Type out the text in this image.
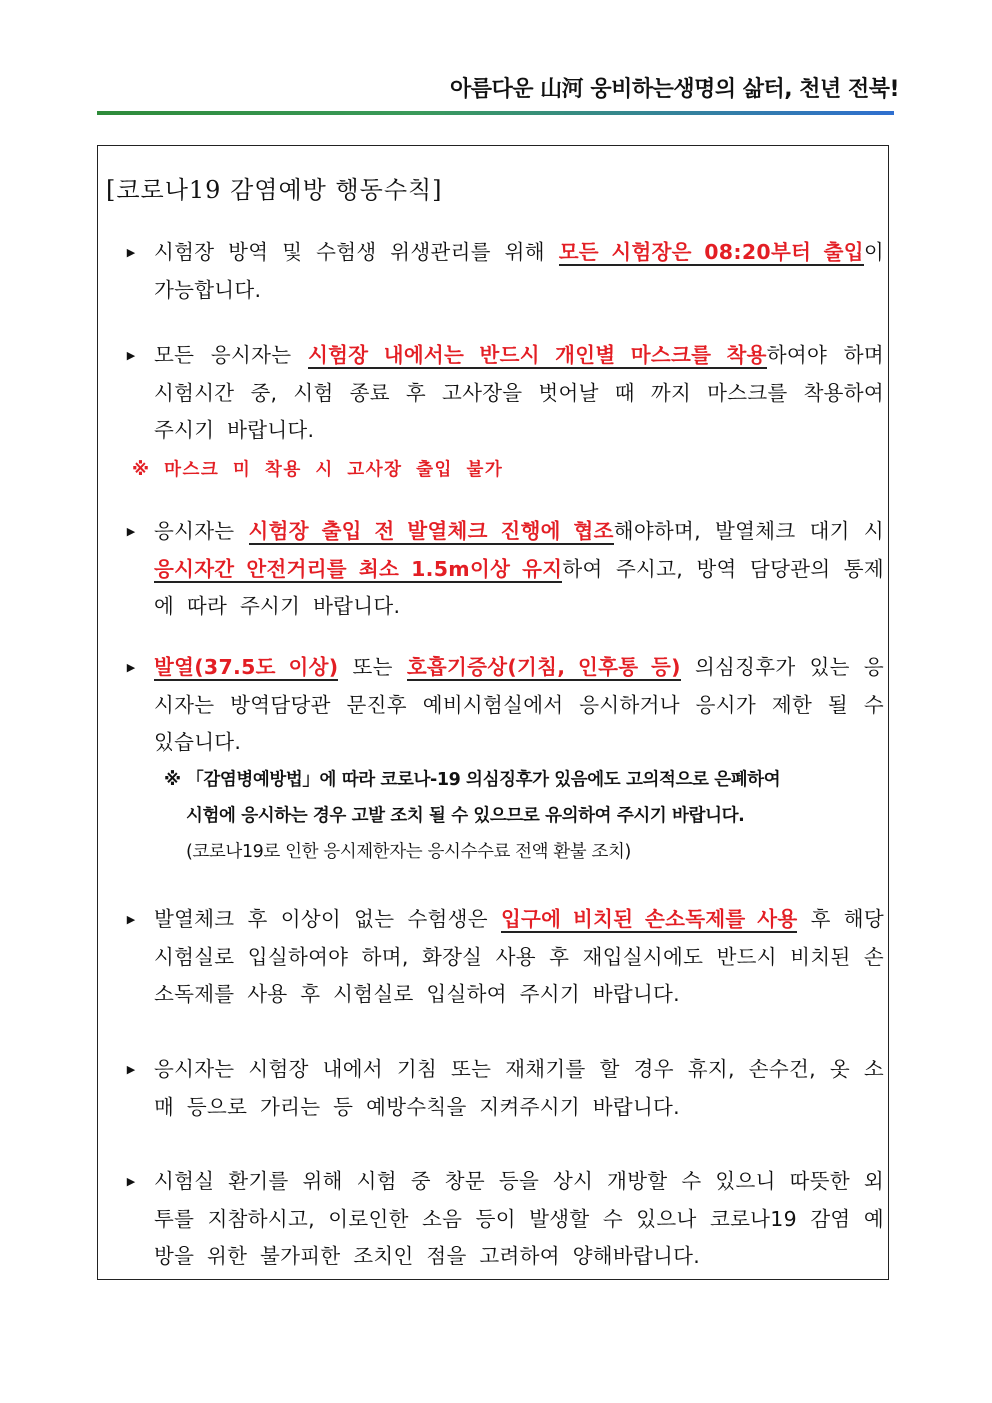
아름다운 山河 웅비하는생명의 삶터, 천년 전북!
[코로나19 감염예방 행동수칙]
▶ 시험장 방역 및 수험생 위생관리를 위해 모든 시험장은 08:20부터 출입이 가능합니다.
▶ 모든 응시자는 시험장 내에서는 반드시 개인별 마스크를 착용하여야 하며 시험시간 중, 시험 종료 후 고사장을 벗어날 때 까지 마스크를 착용하여 주시기 바랍니다.
※ 마스크 미 착용 시 고사장 출입 불가
▶ 응시자는 시험장 출입 전 발열체크 진행에 협조해야하며, 발열체크 대기 시 응시자간 안전거리를 최소 1.5m이상 유지하여 주시고, 방역 담당관의 통제에 따라 주시기 바랍니다.
▶ 발열(37.5도 이상) 또는 호흡기증상(기침, 인후통 등) 의심징후가 있는 응시자는 방역담당관 문진후 예비시험실에서 응시하거나 응시가 제한 될 수 있습니다.
※ 「감염병예방법」에 따라 코로나-19 의심징후가 있음에도 고의적으로 은폐하여
시험에 응시하는 경우 고발 조치 될 수 있으므로 유의하여 주시기 바랍니다.
(코로나19로 인한 응시제한자는 응시수수료 전액 환불 조치)
▶ 발열체크 후 이상이 없는 수험생은 입구에 비치된 손소독제를 사용 후 해당 시험실로 입실하여야 하며, 화장실 사용 후 재입실시에도 반드시 비치된 손소독제를 사용 후 시험실로 입실하여 주시기 바랍니다.
▶ 응시자는 시험장 내에서 기침 또는 재채기를 할 경우 휴지, 손수건, 옷 소매 등으로 가리는 등 예방수칙을 지켜주시기 바랍니다.
▶ 시험실 환기를 위해 시험 중 창문 등을 상시 개방할 수 있으니 따뜻한 외투를 지참하시고, 이로인한 소음 등이 발생할 수 있으나 코로나19 감염 예방을 위한 불가피한 조치인 점을 고려하여 양해바랍니다.
